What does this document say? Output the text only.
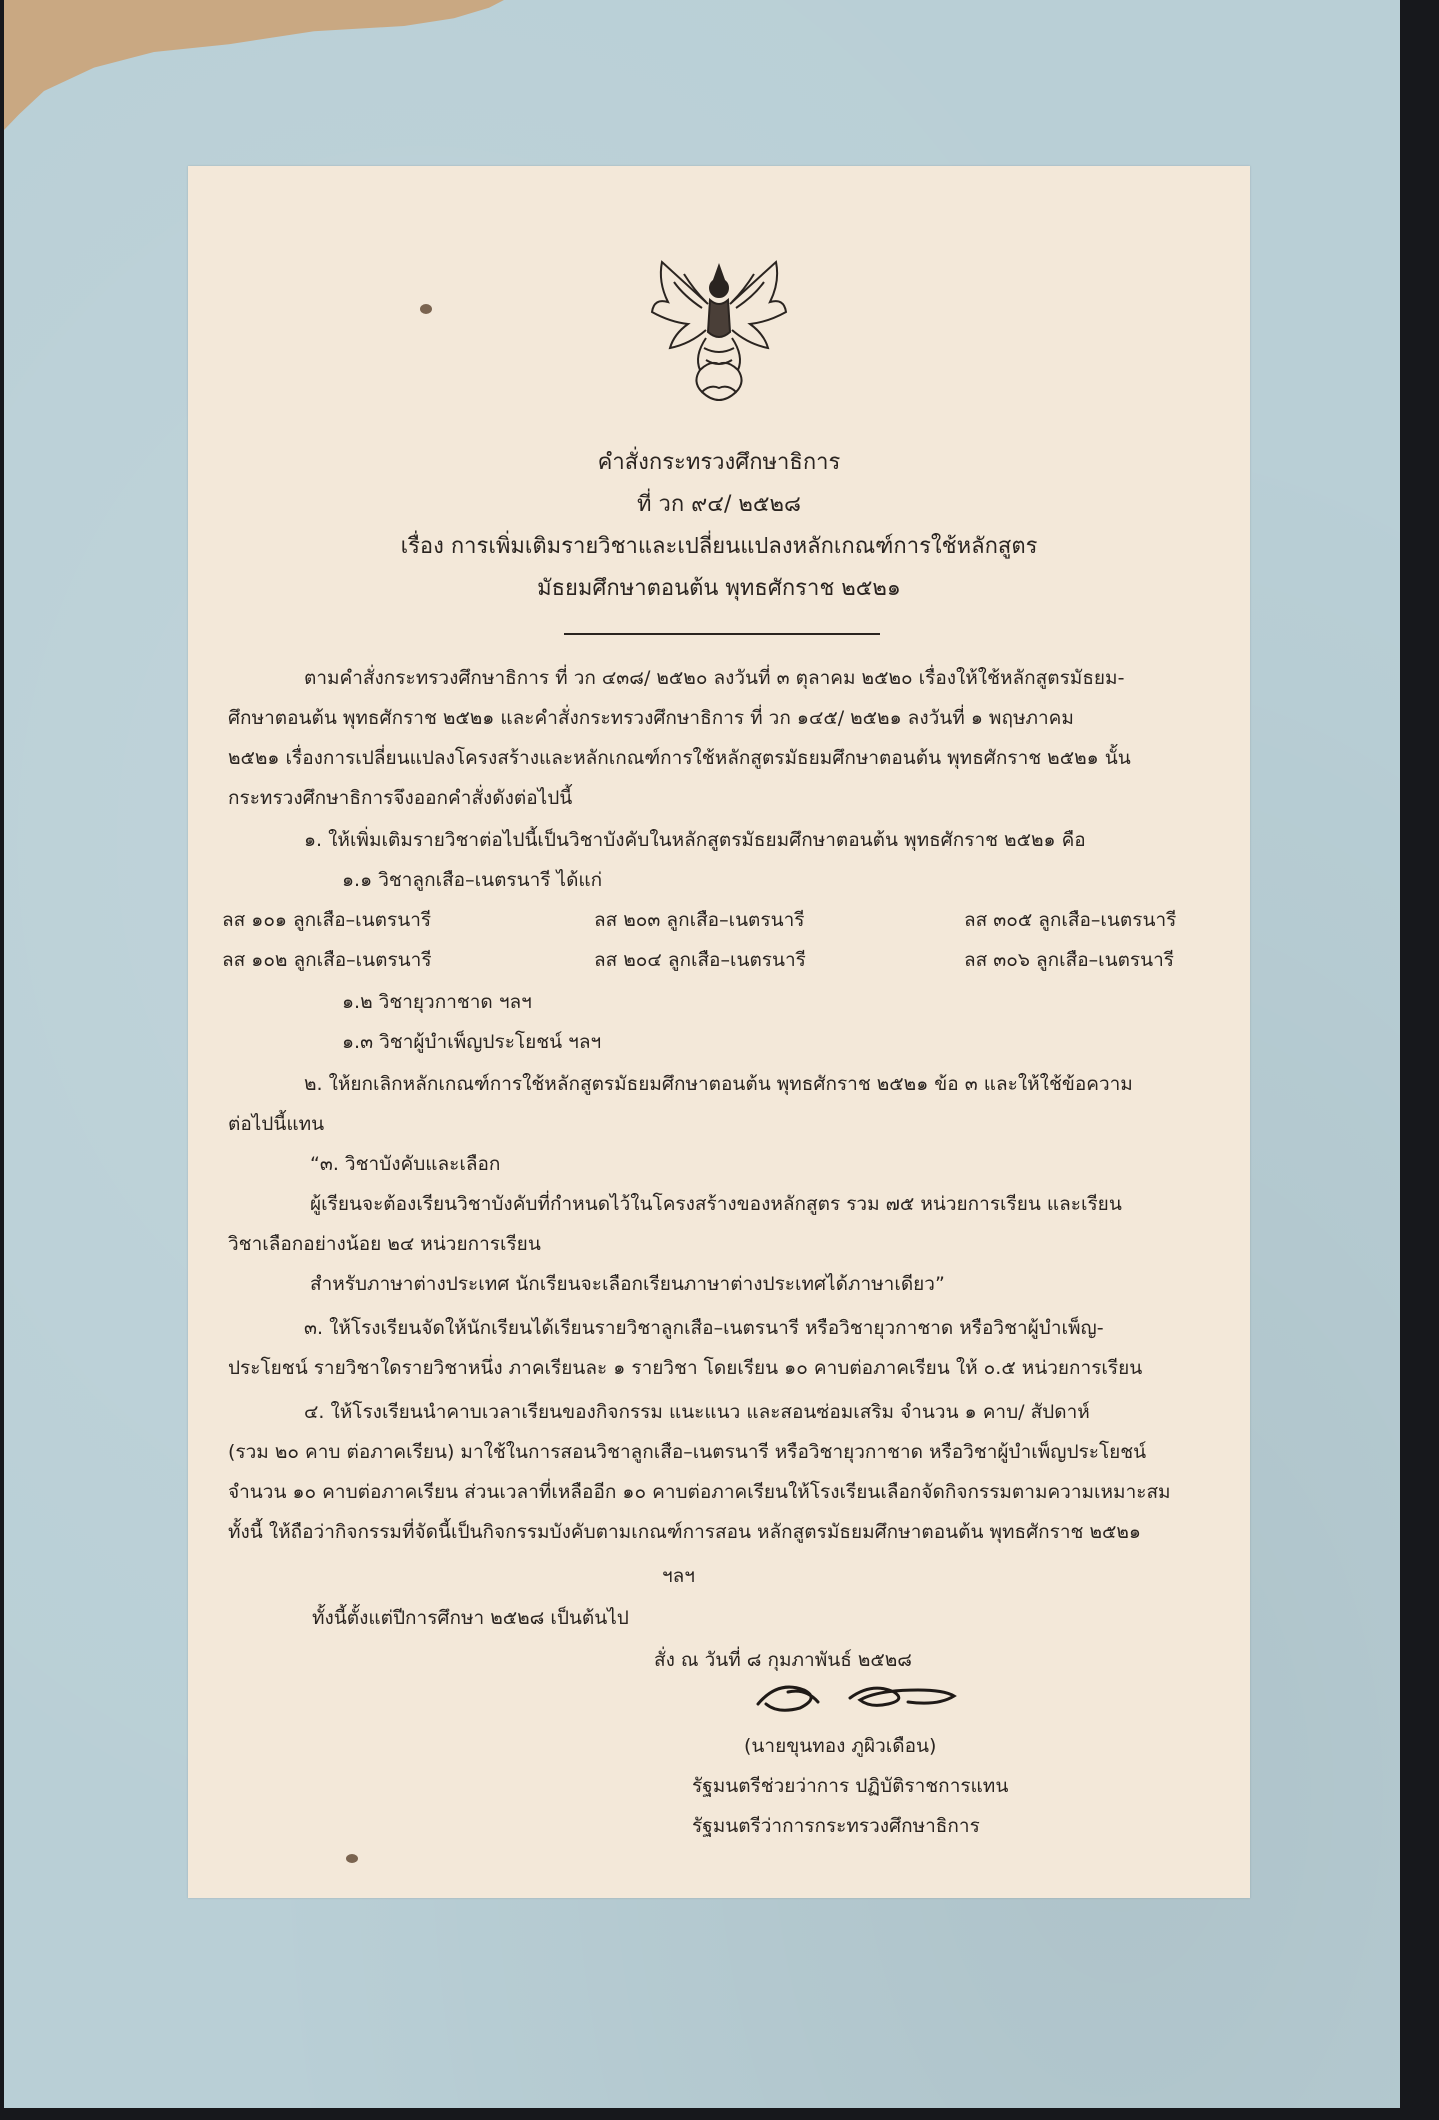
คำสั่งกระทรวงศึกษาธิการ
ที่ วก ๙๔/ ๒๕๒๘
เรื่อง การเพิ่มเติมรายวิชาและเปลี่ยนแปลงหลักเกณฑ์การใช้หลักสูตร
มัธยมศึกษาตอนต้น พุทธศักราช ๒๕๒๑
ตามคำสั่งกระทรวงศึกษาธิการ ที่ วก ๔๓๘/ ๒๕๒๐ ลงวันที่ ๓ ตุลาคม ๒๕๒๐ เรื่องให้ใช้หลักสูตรมัธยม-
ศึกษาตอนต้น พุทธศักราช ๒๕๒๑ และคำสั่งกระทรวงศึกษาธิการ ที่ วก ๑๔๕/ ๒๕๒๑ ลงวันที่ ๑ พฤษภาคม
๒๕๒๑ เรื่องการเปลี่ยนแปลงโครงสร้างและหลักเกณฑ์การใช้หลักสูตรมัธยมศึกษาตอนต้น พุทธศักราช ๒๕๒๑ นั้น
กระทรวงศึกษาธิการจึงออกคำสั่งดังต่อไปนี้
๑. ให้เพิ่มเติมรายวิชาต่อไปนี้เป็นวิชาบังคับในหลักสูตรมัธยมศึกษาตอนต้น พุทธศักราช ๒๕๒๑ คือ
๑.๑ วิชาลูกเสือ–เนตรนารี ได้แก่
ลส ๑๐๑ ลูกเสือ–เนตรนารี	ลส ๒๐๓ ลูกเสือ–เนตรนารี	ลส ๓๐๕ ลูกเสือ–เนตรนารี
ลส ๑๐๒ ลูกเสือ–เนตรนารี	ลส ๒๐๔ ลูกเสือ–เนตรนารี	ลส ๓๐๖ ลูกเสือ–เนตรนารี
๑.๒ วิชายุวกาชาด ฯลฯ
๑.๓ วิชาผู้บำเพ็ญประโยชน์ ฯลฯ
๒. ให้ยกเลิกหลักเกณฑ์การใช้หลักสูตรมัธยมศึกษาตอนต้น พุทธศักราช ๒๕๒๑ ข้อ ๓ และให้ใช้ข้อความ
ต่อไปนี้แทน
“๓. วิชาบังคับและเลือก
ผู้เรียนจะต้องเรียนวิชาบังคับที่กำหนดไว้ในโครงสร้างของหลักสูตร รวม ๗๕ หน่วยการเรียน และเรียน
วิชาเลือกอย่างน้อย ๒๔ หน่วยการเรียน
สำหรับภาษาต่างประเทศ นักเรียนจะเลือกเรียนภาษาต่างประเทศได้ภาษาเดียว”
๓. ให้โรงเรียนจัดให้นักเรียนได้เรียนรายวิชาลูกเสือ–เนตรนารี หรือวิชายุวกาชาด หรือวิชาผู้บำเพ็ญ-
ประโยชน์ รายวิชาใดรายวิชาหนึ่ง ภาคเรียนละ ๑ รายวิชา โดยเรียน ๑๐ คาบต่อภาคเรียน ให้ ๐.๕ หน่วยการเรียน
๔. ให้โรงเรียนนำคาบเวลาเรียนของกิจกรรม แนะแนว และสอนซ่อมเสริม จำนวน ๑ คาบ/ สัปดาห์
(รวม ๒๐ คาบ ต่อภาคเรียน) มาใช้ในการสอนวิชาลูกเสือ–เนตรนารี หรือวิชายุวกาชาด หรือวิชาผู้บำเพ็ญประโยชน์
จำนวน ๑๐ คาบต่อภาคเรียน ส่วนเวลาที่เหลืออีก ๑๐ คาบต่อภาคเรียนให้โรงเรียนเลือกจัดกิจกรรมตามความเหมาะสม
ทั้งนี้ ให้ถือว่ากิจกรรมที่จัดนี้เป็นกิจกรรมบังคับตามเกณฑ์การสอน หลักสูตรมัธยมศึกษาตอนต้น พุทธศักราช ๒๕๒๑
ฯลฯ
ทั้งนี้ตั้งแต่ปีการศึกษา ๒๕๒๘ เป็นต้นไป
สั่ง ณ วันที่ ๘ กุมภาพันธ์ ๒๕๒๘
(นายขุนทอง ภูผิวเดือน)
รัฐมนตรีช่วยว่าการ ปฏิบัติราชการแทน
รัฐมนตรีว่าการกระทรวงศึกษาธิการ
